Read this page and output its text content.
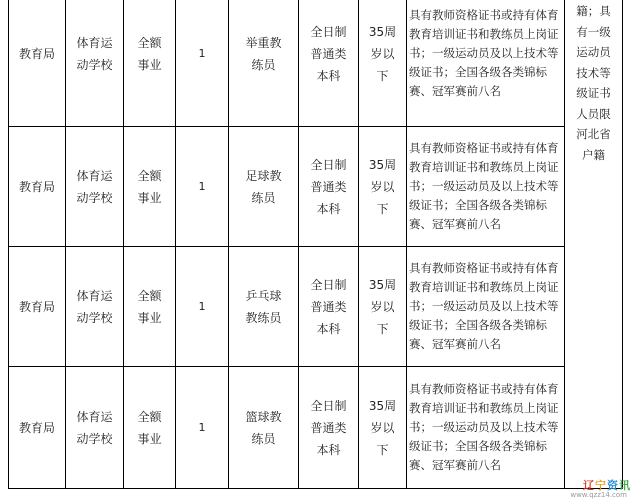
教育局	体育运动学校	全额事业	1	举重教练员	全日制普通类本科	35周岁以下	具有教师资格证书或持有体育教育培训证书和教练员上岗证书；一级运动员及以上技术等级证书；全国各级各类锦标赛、冠军赛前八名	籍；具有一级运动员技术等级证书人员限河北省户籍
教育局	体育运动学校	全额事业	1	足球教练员	全日制普通类本科	35周岁以下	具有教师资格证书或持有体育教育培训证书和教练员上岗证书；一级运动员及以上技术等级证书；全国各级各类锦标赛、冠军赛前八名	
教育局	体育运动学校	全额事业	1	乒乓球教练员	全日制普通类本科	35周岁以下	具有教师资格证书或持有体育教育培训证书和教练员上岗证书；一级运动员及以上技术等级证书；全国各级各类锦标赛、冠军赛前八名	
教育局	体育运动学校	全额事业	1	篮球教练员	全日制普通类本科	35周岁以下	具有教师资格证书或持有体育教育培训证书和教练员上岗证书；一级运动员及以上技术等级证书；全国各级各类锦标赛、冠军赛前八名	
辽宁资讯
www.qzz14.com
